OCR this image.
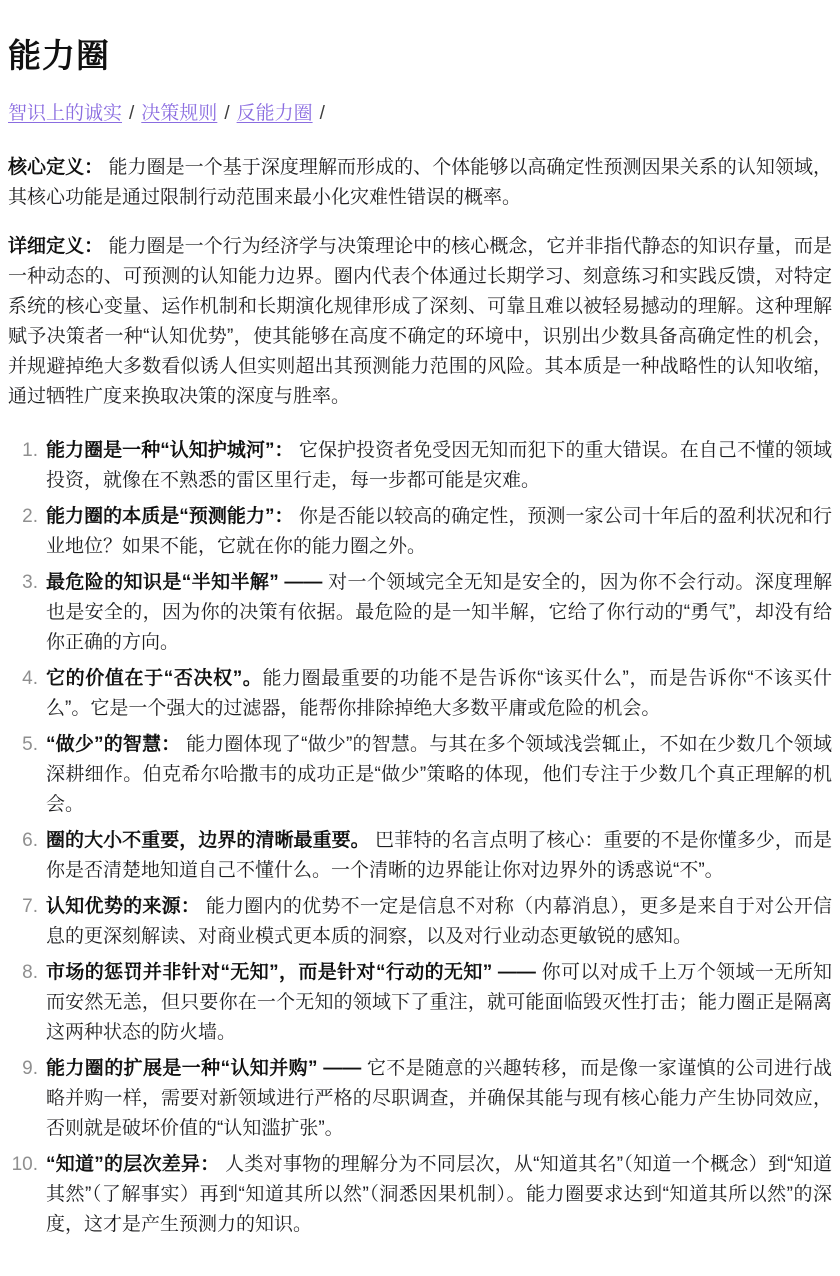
能力圈
智识上的诚实 / 决策规则 / 反能力圈 /

核心定义： 能力圈是一个基于深度理解而形成的、个体能够以高确定性预测因果关系的认知领域，其核心功能是通过限制行动范围来最小化灾难性错误的概率。

详细定义： 能力圈是一个行为经济学与决策理论中的核心概念，它并非指代静态的知识存量，而是一种动态的、可预测的认知能力边界。圈内代表个体通过长期学习、刻意练习和实践反馈，对特定系统的核心变量、运作机制和长期演化规律形成了深刻、可靠且难以被轻易撼动的理解。这种理解赋予决策者一种“认知优势”，使其能够在高度不确定的环境中，识别出少数具备高确定性的机会，并规避掉绝大多数看似诱人但实则超出其预测能力范围的风险。其本质是一种战略性的认知收缩，通过牺牲广度来换取决策的深度与胜率。

1. 能力圈是一种“认知护城河”： 它保护投资者免受因无知而犯下的重大错误。在自己不懂的领域投资，就像在不熟悉的雷区里行走，每一步都可能是灾难。
2. 能力圈的本质是“预测能力”： 你是否能以较高的确定性，预测一家公司十年后的盈利状况和行业地位？如果不能，它就在你的能力圈之外。
3. 最危险的知识是“半知半解” —— 对一个领域完全无知是安全的，因为你不会行动。深度理解也是安全的，因为你的决策有依据。最危险的是一知半解，它给了你行动的“勇气”，却没有给你正确的方向。
4. 它的价值在于“否决权”。能力圈最重要的功能不是告诉你“该买什么”，而是告诉你“不该买什么”。它是一个强大的过滤器，能帮你排除掉绝大多数平庸或危险的机会。
5. “做少”的智慧： 能力圈体现了“做少”的智慧。与其在多个领域浅尝辄止，不如在少数几个领域深耕细作。伯克希尔哈撒韦的成功正是“做少”策略的体现，他们专注于少数几个真正理解的机会。
6. 圈的大小不重要，边界的清晰最重要。 巴菲特的名言点明了核心：重要的不是你懂多少，而是你是否清楚地知道自己不懂什么。一个清晰的边界能让你对边界外的诱惑说“不”。
7. 认知优势的来源： 能力圈内的优势不一定是信息不对称（内幕消息），更多是来自于对公开信息的更深刻解读、对商业模式更本质的洞察，以及对行业动态更敏锐的感知。
8. 市场的惩罚并非针对“无知”，而是针对“行动的无知” —— 你可以对成千上万个领域一无所知而安然无恙，但只要你在一个无知的领域下了重注，就可能面临毁灭性打击；能力圈正是隔离这两种状态的防火墙。
9. 能力圈的扩展是一种“认知并购” —— 它不是随意的兴趣转移，而是像一家谨慎的公司进行战略并购一样，需要对新领域进行严格的尽职调查，并确保其能与现有核心能力产生协同效应，否则就是破坏价值的“认知滥扩张”。
10. “知道”的层次差异： 人类对事物的理解分为不同层次，从“知道其名”（知道一个概念）到“知道其然”（了解事实）再到“知道其所以然”（洞悉因果机制）。能力圈要求达到“知道其所以然”的深度，这才是产生预测力的知识。
